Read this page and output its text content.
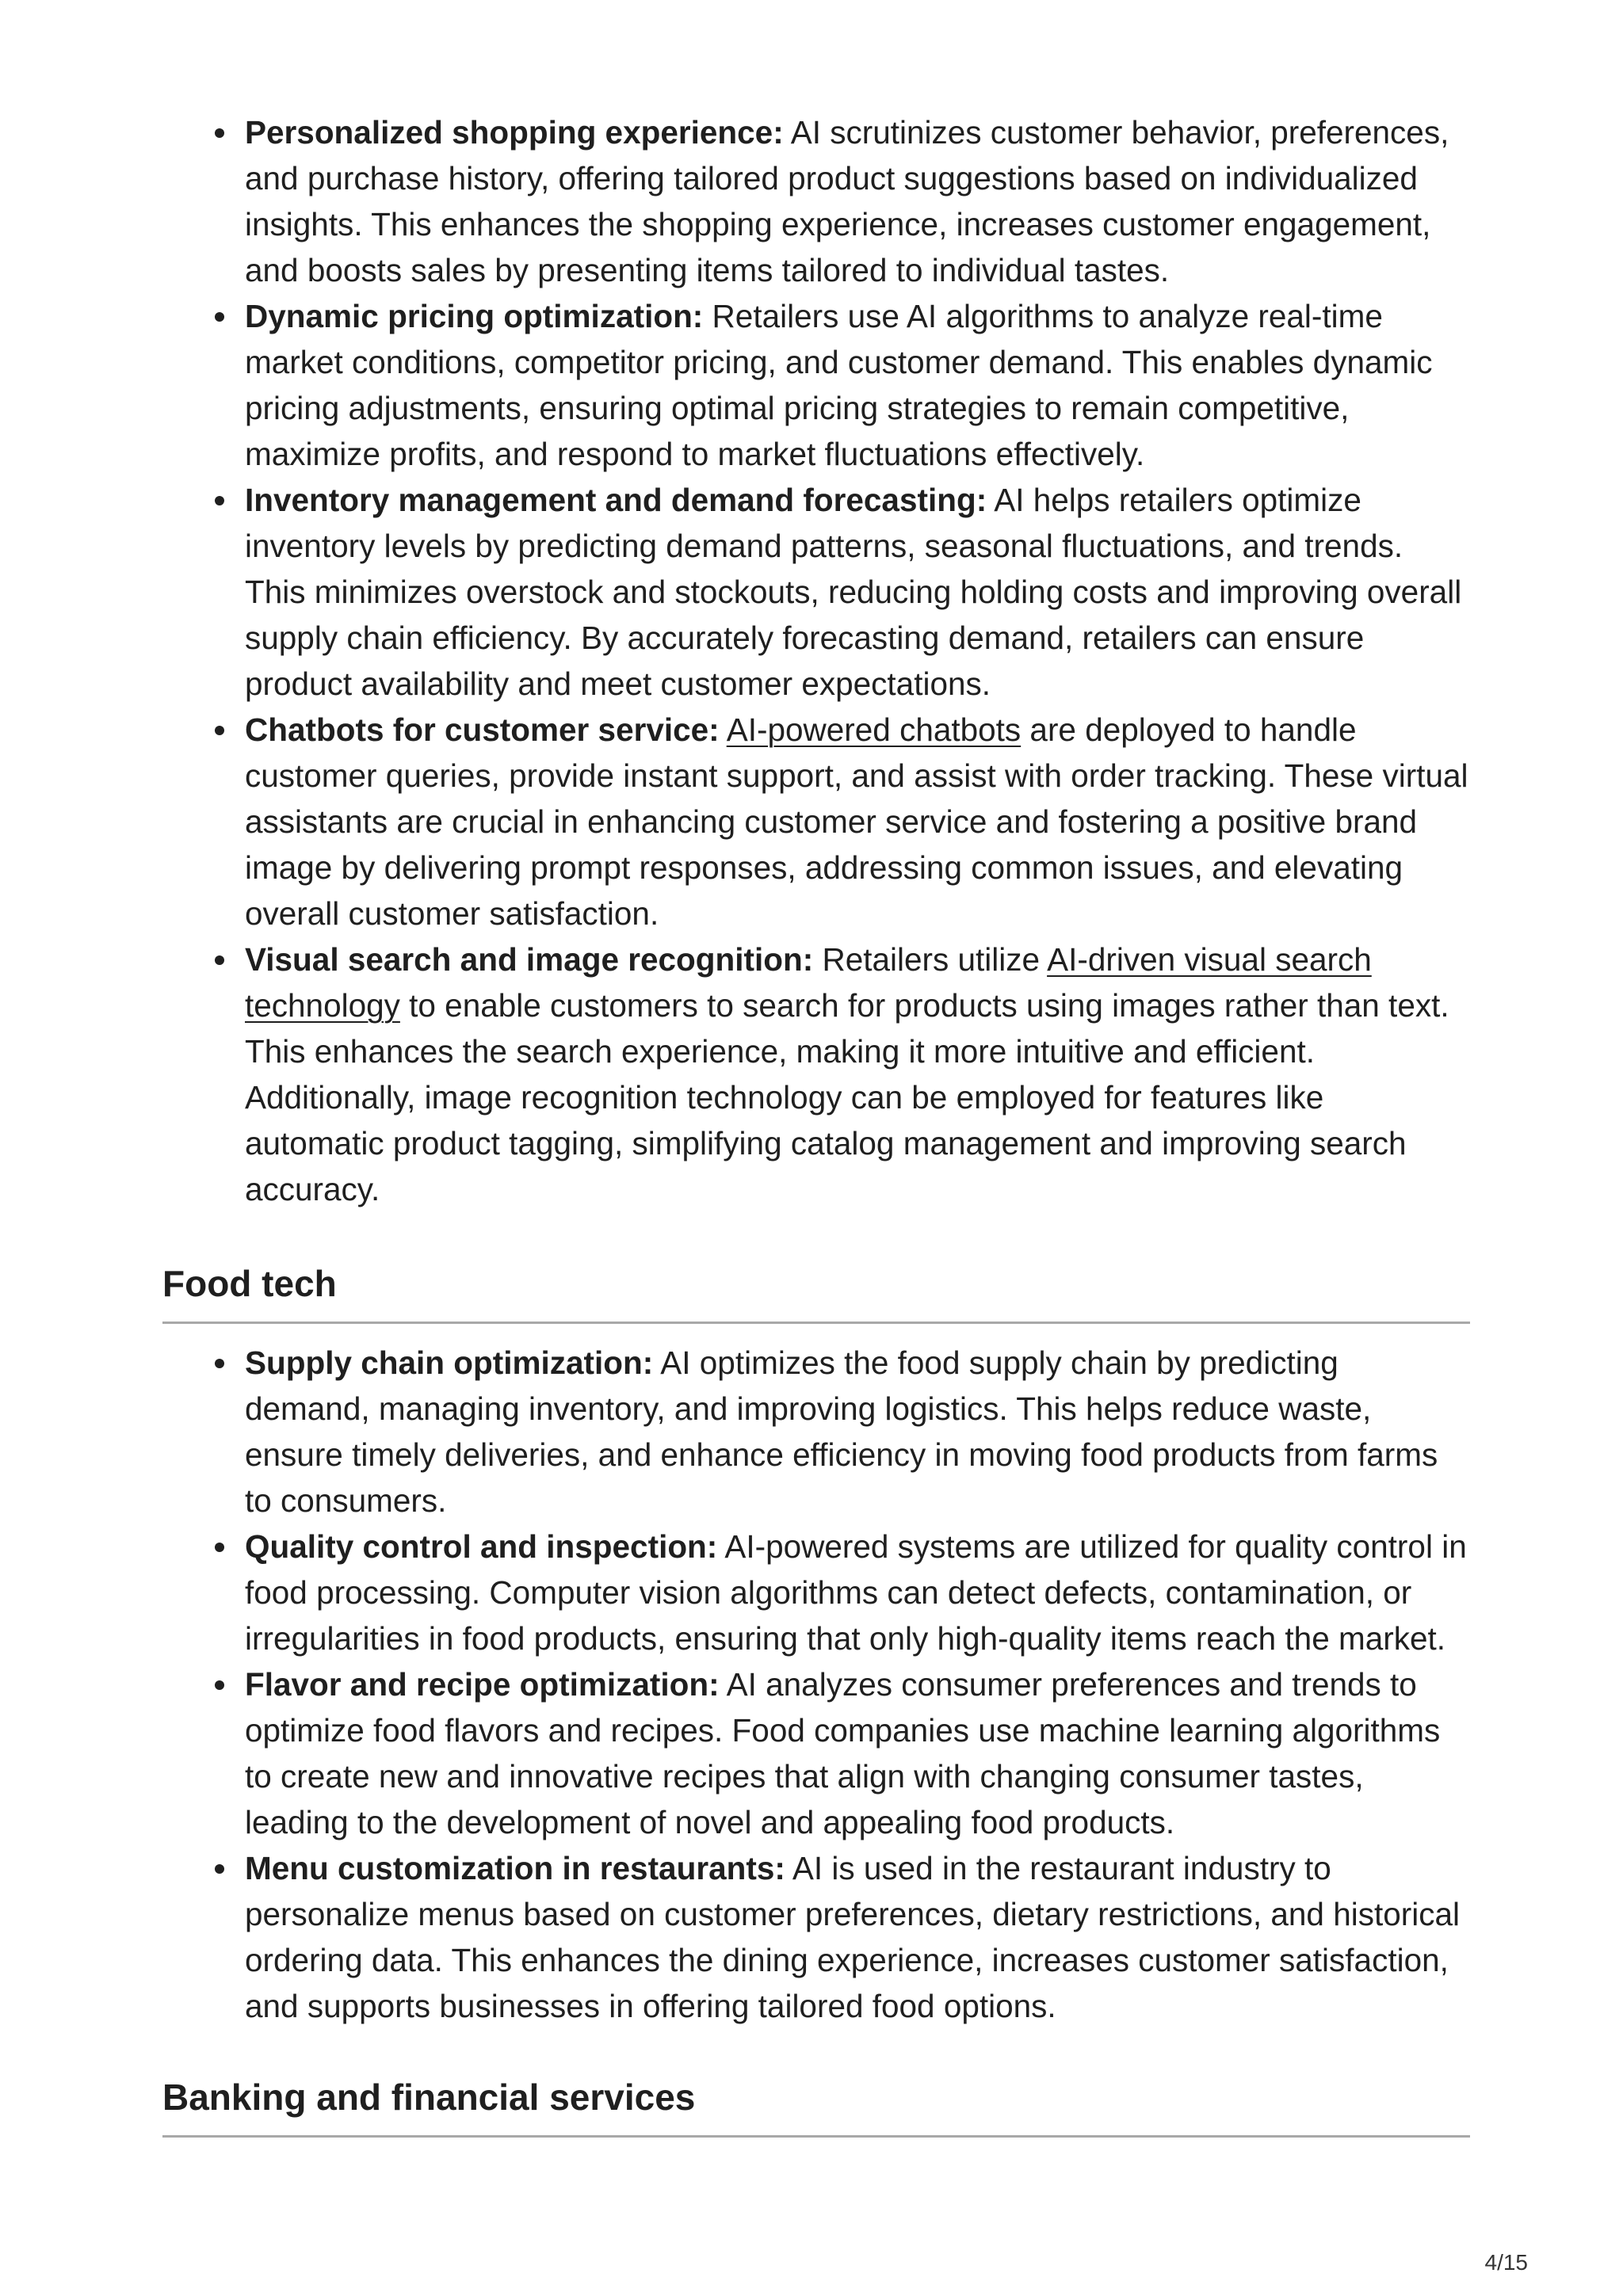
Personalized shopping experience: AI scrutinizes customer behavior, preferences, and purchase history, offering tailored product suggestions based on individualized insights. This enhances the shopping experience, increases customer engagement, and boosts sales by presenting items tailored to individual tastes.
Dynamic pricing optimization: Retailers use AI algorithms to analyze real-time market conditions, competitor pricing, and customer demand. This enables dynamic pricing adjustments, ensuring optimal pricing strategies to remain competitive, maximize profits, and respond to market fluctuations effectively.
Inventory management and demand forecasting: AI helps retailers optimize inventory levels by predicting demand patterns, seasonal fluctuations, and trends. This minimizes overstock and stockouts, reducing holding costs and improving overall supply chain efficiency. By accurately forecasting demand, retailers can ensure product availability and meet customer expectations.
Chatbots for customer service: AI-powered chatbots are deployed to handle customer queries, provide instant support, and assist with order tracking. These virtual assistants are crucial in enhancing customer service and fostering a positive brand image by delivering prompt responses, addressing common issues, and elevating overall customer satisfaction.
Visual search and image recognition: Retailers utilize AI-driven visual search technology to enable customers to search for products using images rather than text. This enhances the search experience, making it more intuitive and efficient. Additionally, image recognition technology can be employed for features like automatic product tagging, simplifying catalog management and improving search accuracy.
Food tech
Supply chain optimization: AI optimizes the food supply chain by predicting demand, managing inventory, and improving logistics. This helps reduce waste, ensure timely deliveries, and enhance efficiency in moving food products from farms to consumers.
Quality control and inspection: AI-powered systems are utilized for quality control in food processing. Computer vision algorithms can detect defects, contamination, or irregularities in food products, ensuring that only high-quality items reach the market.
Flavor and recipe optimization: AI analyzes consumer preferences and trends to optimize food flavors and recipes. Food companies use machine learning algorithms to create new and innovative recipes that align with changing consumer tastes, leading to the development of novel and appealing food products.
Menu customization in restaurants: AI is used in the restaurant industry to personalize menus based on customer preferences, dietary restrictions, and historical ordering data. This enhances the dining experience, increases customer satisfaction, and supports businesses in offering tailored food options.
Banking and financial services
4/15
